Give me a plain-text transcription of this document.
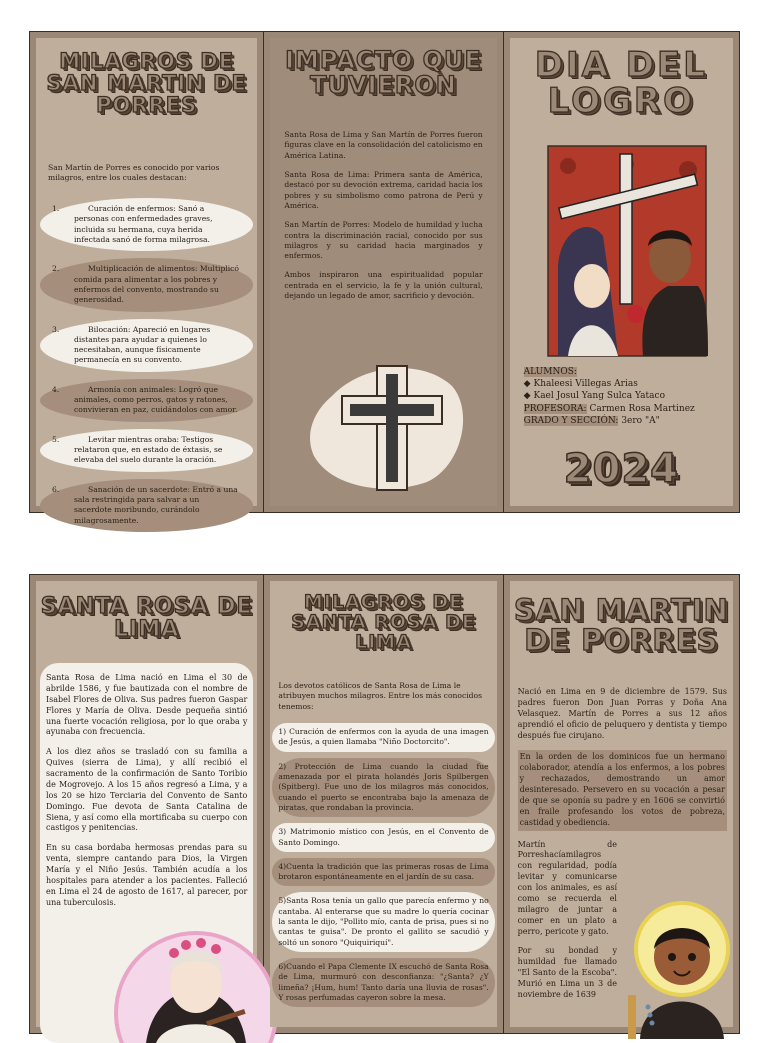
MILAGROS DE SAN MARTIN DE PORRES
San Martín de Porres es conocido por varios milagros, entre los cuales destacan:
1.	Curación de enfermos: Sanó a personas con enfermedades graves, incluida su hermana, cuya herida infectada sanó de forma milagrosa.
2.	Multiplicación de alimentos: Multiplicó comida para alimentar a los pobres y enfermos del convento, mostrando su generosidad.
3.	Bilocación: Apareció en lugares distantes para ayudar a quienes lo necesitaban, aunque físicamente permanecía en su convento.
4.	Armonía con animales: Logró que animales, como perros, gatos y ratones, convivieran en paz, cuidándolos con amor.
5.	Levitar mientras oraba: Testigos relataron que, en estado de éxtasis, se elevaba del suelo durante la oración.
6.	Sanación de un sacerdote: Entró a una sala restringida para salvar a un sacerdote moribundo, curándolo milagrosamente.
IMPACTO QUE TUVIERON

Santa Rosa de Lima y San Martín de Porres fueron figuras clave en la consolidación del catolicismo en América Latina.

Santa Rosa de Lima: Primera santa de América, destacó por su devoción extrema, caridad hacia los pobres y su simbolismo como patrona de Perú y América.

San Martín de Porres: Modelo de humildad y lucha contra la discriminación racial, conocido por sus milagros y su caridad hacia marginados y enfermos.

Ambos inspiraron una espiritualidad popular centrada en el servicio, la fe y la unión cultural, dejando un legado de amor, sacrificio y devoción.

DIA DEL LOGRO
ALUMNOS:
◆ Khaleesi Villegas Arias
◆ Kael Josul Yang Sulca Yataco
PROFESORA: Carmen Rosa Martinez
GRADO Y SECCIÓN: 3ero "A"
2024
SANTA ROSA DE LIMA

Santa Rosa de Lima nació en Lima el 30 de abrilde 1586, y fue bautizada con el nombre de Isabel Flores de Oliva. Sus padres fueron Gaspar Flores y María de Oliva. Desde pequeña sintió una fuerte vocación religiosa, por lo que oraba y ayunaba con frecuencia.

A los diez años se trasladó con su familia a Quives (sierra de Lima), y allí recibió el sacramento de la confirmación de Santo Toribio de Mogrovejo. A los 15 años regresó a Lima, y a los 20 se hizo Terciaria del Convento de Santo Domingo. Fue devota de Santa Catalina de Siena, y así como ella mortificaba su cuerpo con castigos y penitencias.

En su casa bordaba hermosas prendas para su venta, siempre cantando para Dios, la Virgen María y el Niño Jesús. También acudía a los hospitales para atender a los pacientes. Falleció en Lima el 24 de agosto de 1617, al parecer, por una tuberculosis.

MILAGROS DE SANTA ROSA DE LIMA
Los devotos católicos de Santa Rosa de Lima le atribuyen muchos milagros. Entre los más conocidos tenemos:
1) Curación de enfermos con la ayuda de una imagen de Jesús, a quien llamaba "Niño Doctorcito".
2) Protección de Lima cuando la ciudad fue amenazada por el pirata holandés Joris Spilbergen (Spitberg). Fue uno de los milagros más conocidos, cuando el puerto se encontraba bajo la amenaza de piratas, que rondaban la provincia.
3) Matrimonio místico con Jesús, en el Convento de Santo Domingo.
4)Cuenta la tradición que las primeras rosas de Lima brotaron espontáneamente en el jardín de su casa.
5)Santa Rosa tenía un gallo que parecía enfermo y no cantaba. Al enterarse que su madre lo quería cocinar la santa le dijo, "Pollito mío, canta de prisa, pues si no cantas te guisa". De pronto el gallito se sacudió y soltó un sonoro "Quiquiriquí".
6)Cuando el Papa Clemente IX escuchó de Santa Rosa de Lima, murmuró con desconfianza: "¿Santa? ¿Y limeña? ¡Hum, hum! Tanto daría una lluvia de rosas". Y rosas perfumadas cayeron sobre la mesa.
SAN MARTIN DE PORRES

Nació en Lima en 9 de diciembre de 1579. Sus padres fueron Don Juan Porras y Doña Ana Velasquez. Martín de Porres a sus 12 años aprendió el oficio de peluquero y dentista y tiempo después fue cirujano.

En la orden de los dominicos fue un hermano colaborador, atendía a los enfermos, a los pobres y rechazados, demostrando un amor desinteresado. Persevero en su vocación a pesar de que se oponía su padre y en 1606 se convirtió en fraile profesando los votos de pobreza, castidad y obediencia.

Martín de Porreshacíamilagros con regularidad, podía levitar y comunicarse con los animales, es así como se recuerda el milagro de juntar a comer en un plato a perro, pericote y gato.

Por su bondad y humildad fue llamado "El Santo de la Escoba". Murió en Lima un 3 de noviembre de 1639
